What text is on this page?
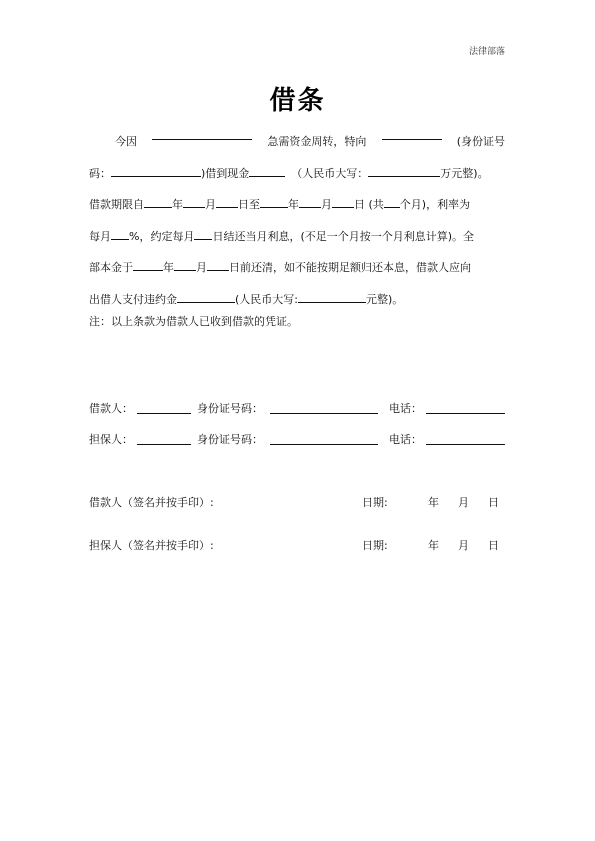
法律部落
借条
今因	急需资金周转，特向	(身份证号
码：	)借到现金	（人民币大写：	万元整)。
借款期限自	年 月 日至	年 月 日 (共 个月)，利率为
每月 %，约定每月 日结还当月利息，(不足一个月按一个月利息计算)。全
部本金于	年 月 日前还清，如不能按期足额归还本息，借款人应向
出借人支付违约金	(人民币大写:	元整)。
注：以上条款为借款人已收到借款的凭证。
借款人：	身份证号码：	电话：
担保人：	身份证号码：	电话：
借款人（签名并按手印）:	日期:	年 月 日
担保人（签名并按手印）:	日期:	年 月 日
